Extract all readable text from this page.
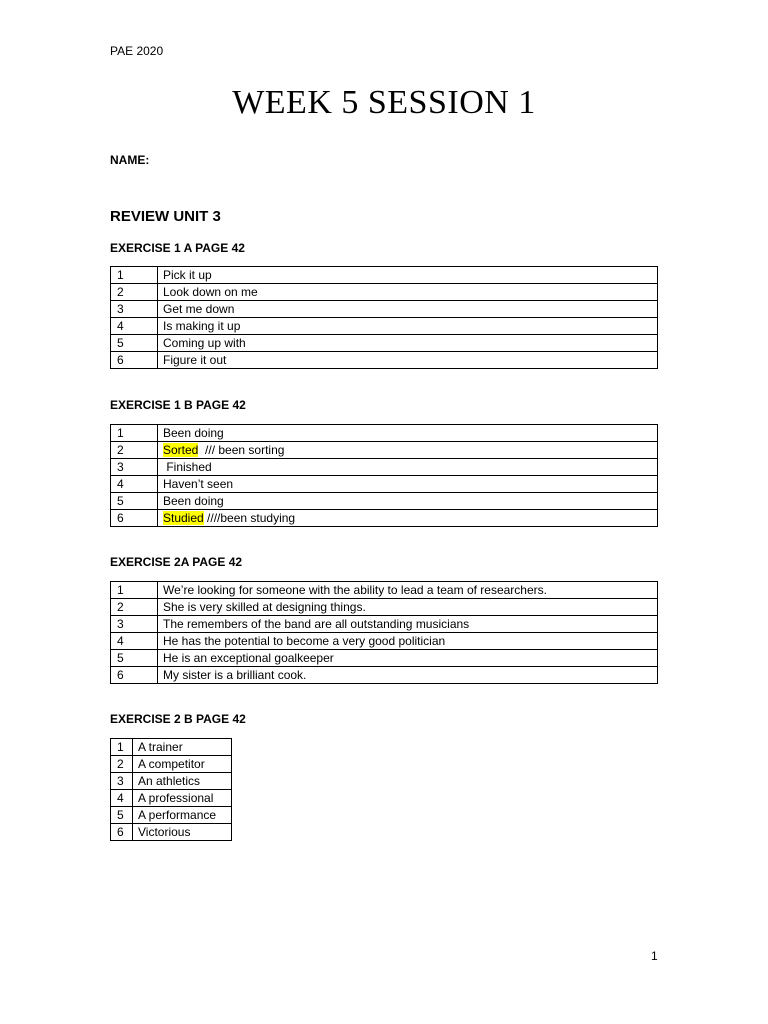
PAE 2020
WEEK 5 SESSION 1
NAME:
REVIEW UNIT 3
EXERCISE 1 A PAGE 42
1	Pick it up
2	Look down on me
3	Get me down
4	Is making it up
5	Coming up with
6	Figure it out
EXERCISE 1 B PAGE 42
1	Been doing
2	Sorted  /// been sorting
3	Finished
4	Haven’t seen
5	Been doing
6	Studied ////been studying
EXERCISE 2A PAGE 42
1	We’re looking for someone with the ability to lead a team of researchers.
2	She is very skilled at designing things.
3	The remembers of the band are all outstanding musicians
4	He has the potential to become a very good politician
5	He is an exceptional goalkeeper
6	My sister is a brilliant cook.
EXERCISE 2 B PAGE 42
1	A trainer
2	A competitor
3	An athletics
4	A professional
5	A performance
6	Victorious
1
